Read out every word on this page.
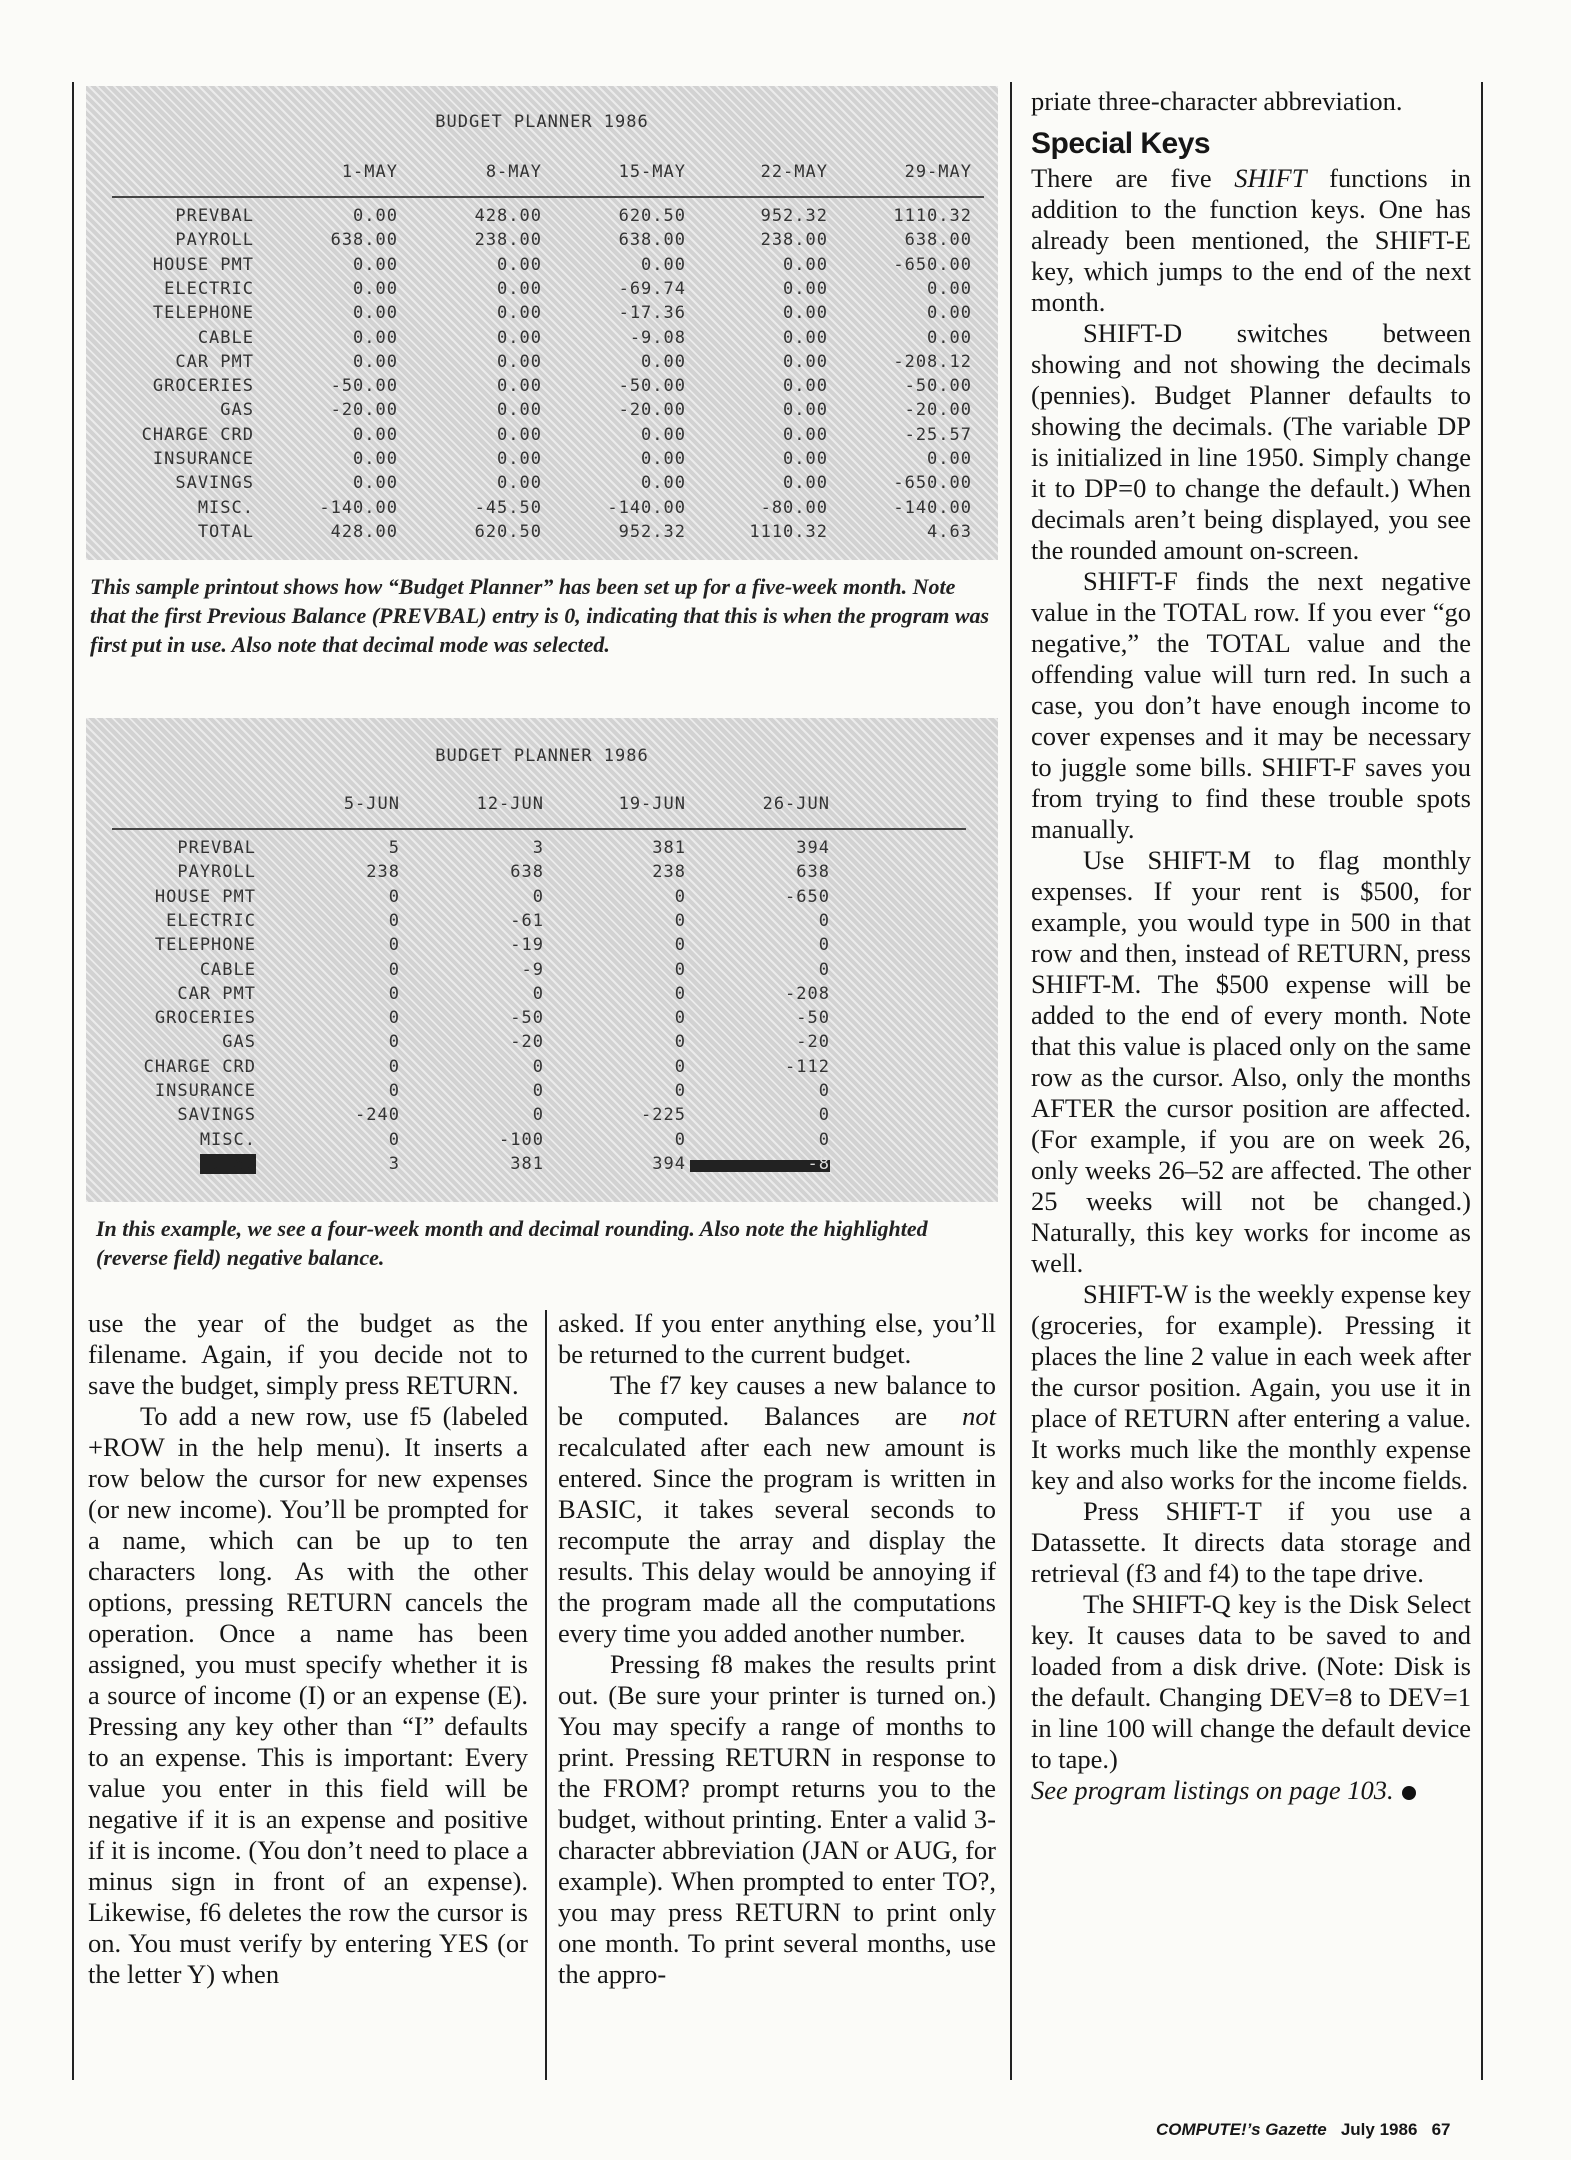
BUDGET PLANNER 1986
1-MAY	8-MAY	15-MAY	22-MAY	29-MAY
PREVBAL	0.00	428.00	620.50	952.32	1110.32
PAYROLL	638.00	238.00	638.00	238.00	638.00
HOUSE PMT	0.00	0.00	0.00	0.00	-650.00
ELECTRIC	0.00	0.00	-69.74	0.00	0.00
TELEPHONE	0.00	0.00	-17.36	0.00	0.00
CABLE	0.00	0.00	-9.08	0.00	0.00
CAR PMT	0.00	0.00	0.00	0.00	-208.12
GROCERIES	-50.00	0.00	-50.00	0.00	-50.00
GAS	-20.00	0.00	-20.00	0.00	-20.00
CHARGE CRD	0.00	0.00	0.00	0.00	-25.57
INSURANCE	0.00	0.00	0.00	0.00	0.00
SAVINGS	0.00	0.00	0.00	0.00	-650.00
MISC.	-140.00	-45.50	-140.00	-80.00	-140.00
TOTAL	428.00	620.50	952.32	1110.32	4.63
This sample printout shows how “Budget Planner” has been set up for a five-week month. Note that the first Previous Balance (PREVBAL) entry is 0, indicating that this is when the program was first put in use. Also note that decimal mode was selected.
BUDGET PLANNER 1986
5-JUN	12-JUN	19-JUN	26-JUN
PREVBAL	5	3	381	394
PAYROLL	238	638	238	638
HOUSE PMT	0	0	0	-650
ELECTRIC	0	-61	0	0
TELEPHONE	0	-19	0	0
CABLE	0	-9	0	0
CAR PMT	0	0	0	-208
GROCERIES	0	-50	0	-50
GAS	0	-20	0	-20
CHARGE CRD	0	0	0	-112
INSURANCE	0	0	0	0
SAVINGS	-240	0	-225	0
MISC.	0	-100	0	0
TOTAL	3	381	394	-8
In this example, we see a four-week month and decimal rounding. Also note the highlighted (reverse field) negative balance.

use the year of the budget as the filename. Again, if you decide not to save the budget, simply press RETURN.

To add a new row, use f5 (labeled +ROW in the help menu). It inserts a row below the cursor for new expenses (or new income). You’ll be prompted for a name, which can be up to ten characters long. As with the other options, pressing RETURN cancels the operation. Once a name has been assigned, you must specify whether it is a source of income (I) or an expense (E). Pressing any key other than “I” defaults to an expense. This is important: Every value you enter in this field will be negative if it is an expense and positive if it is income. (You don’t need to place a minus sign in front of an expense). Likewise, f6 deletes the row the cursor is on. You must verify by entering YES (or the letter Y) when

asked. If you enter anything else, you’ll be returned to the current budget.

The f7 key causes a new balance to be computed. Balances are not recalculated after each new amount is entered. Since the program is written in BASIC, it takes several seconds to recompute the array and display the results. This delay would be annoying if the program made all the computations every time you added another number.

Pressing f8 makes the results print out. (Be sure your printer is turned on.) You may specify a range of months to print. Pressing RETURN in response to the FROM? prompt returns you to the budget, without printing. Enter a valid 3-character abbreviation (JAN or AUG, for example). When prompted to enter TO?, you may press RETURN to print only one month. To print several months, use the appro-

priate three-character abbreviation.

Special Keys

There are five SHIFT functions in addition to the function keys. One has already been mentioned, the SHIFT-E key, which jumps to the end of the next month.

SHIFT-D switches between showing and not showing the decimals (pennies). Budget Planner defaults to showing the decimals. (The variable DP is initialized in line 1950. Simply change it to DP=0 to change the default.) When decimals aren’t being displayed, you see the rounded amount on-screen.

SHIFT-F finds the next negative value in the TOTAL row. If you ever “go negative,” the TOTAL value and the offending value will turn red. In such a case, you don’t have enough income to cover expenses and it may be necessary to juggle some bills. SHIFT-F saves you from trying to find these trouble spots manually.

Use SHIFT-M to flag monthly expenses. If your rent is $500, for example, you would type in 500 in that row and then, instead of RETURN, press SHIFT-M. The $500 expense will be added to the end of every month. Note that this value is placed only on the same row as the cursor. Also, only the months AFTER the cursor position are affected. (For example, if you are on week 26, only weeks 26–52 are affected. The other 25 weeks will not be changed.) Naturally, this key works for income as well.

SHIFT-W is the weekly expense key (groceries, for example). Pressing it places the line 2 value in each week after the cursor position. Again, you use it in place of RETURN after entering a value. It works much like the monthly expense key and also works for the income fields.

Press SHIFT-T if you use a Datassette. It directs data storage and retrieval (f3 and f4) to the tape drive.

The SHIFT-Q key is the Disk Select key. It causes data to be saved to and loaded from a disk drive. (Note: Disk is the default. Changing DEV=8 to DEV=1 in line 100 will change the default device to tape.)

See program listings on page 103.

COMPUTE!’s Gazette July 1986 67
